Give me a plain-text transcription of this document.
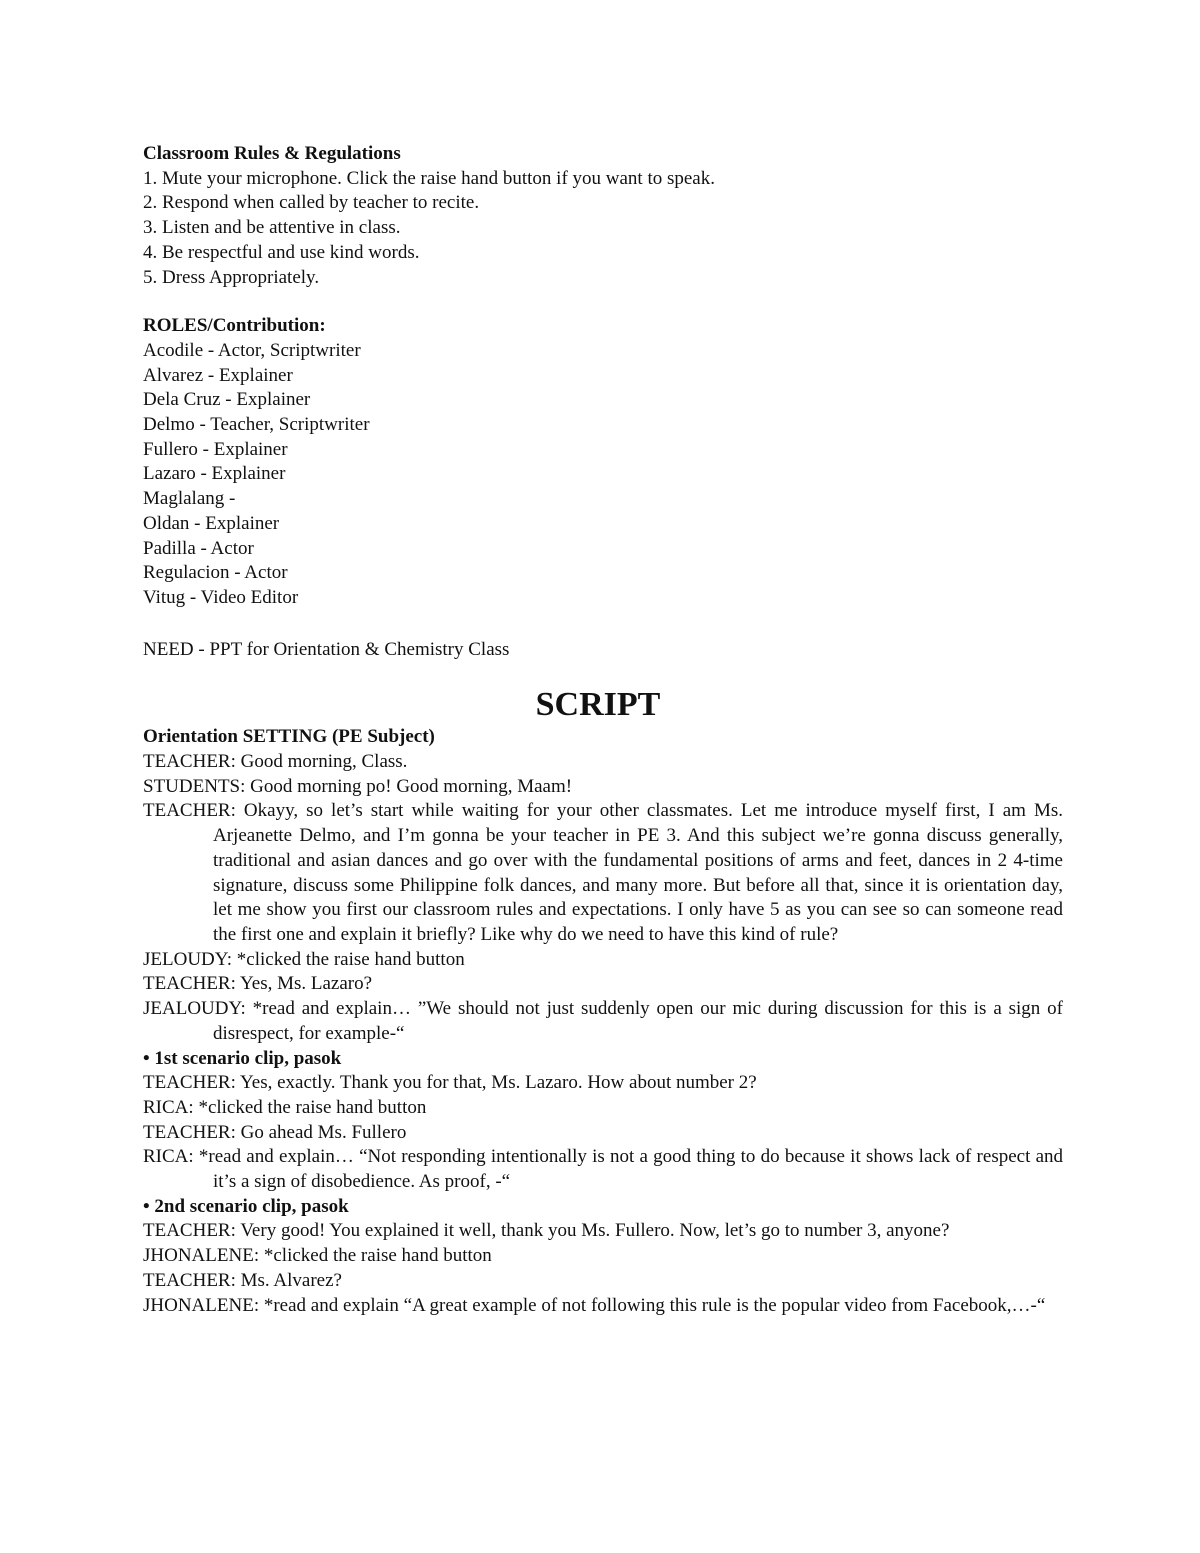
Classroom Rules & Regulations
1. Mute your microphone. Click the raise hand button if you want to speak.
2. Respond when called by teacher to recite.
3. Listen and be attentive in class.
4. Be respectful and use kind words.
5. Dress Appropriately.
ROLES/Contribution:
Acodile - Actor, Scriptwriter
Alvarez - Explainer
Dela Cruz - Explainer
Delmo - Teacher, Scriptwriter
Fullero - Explainer
Lazaro - Explainer
Maglalang -
Oldan - Explainer
Padilla - Actor
Regulacion - Actor
Vitug - Video Editor
NEED - PPT for Orientation & Chemistry Class
SCRIPT
Orientation SETTING (PE Subject)
TEACHER: Good morning, Class.
STUDENTS: Good morning po! Good morning, Maam!
TEACHER: Okayy, so let’s start while waiting for your other classmates. Let me introduce myself first, I am Ms. Arjeanette Delmo, and I’m gonna be your teacher in PE 3. And this subject we’re gonna discuss generally, traditional and asian dances and go over with the fundamental positions of arms and feet, dances in 2 4-time signature, discuss some Philippine folk dances, and many more. But before all that, since it is orientation day, let me show you first our classroom rules and expectations. I only have 5 as you can see so can someone read the first one and explain it briefly? Like why do we need to have this kind of rule?
JELOUDY: *clicked the raise hand button
TEACHER: Yes, Ms. Lazaro?
JEALOUDY: *read and explain… ”We should not just suddenly open our mic during discussion for this is a sign of disrespect, for example-“
• 1st scenario clip, pasok
TEACHER: Yes, exactly. Thank you for that, Ms. Lazaro. How about number 2?
RICA: *clicked the raise hand button
TEACHER: Go ahead Ms. Fullero
RICA: *read and explain… “Not responding intentionally is not a good thing to do because it shows lack of respect and it’s a sign of disobedience. As proof, -“
• 2nd scenario clip, pasok
TEACHER: Very good! You explained it well, thank you Ms. Fullero. Now, let’s go to number 3, anyone?
JHONALENE: *clicked the raise hand button
TEACHER: Ms. Alvarez?
JHONALENE: *read and explain “A great example of not following this rule is the popular video from Facebook,…-“
